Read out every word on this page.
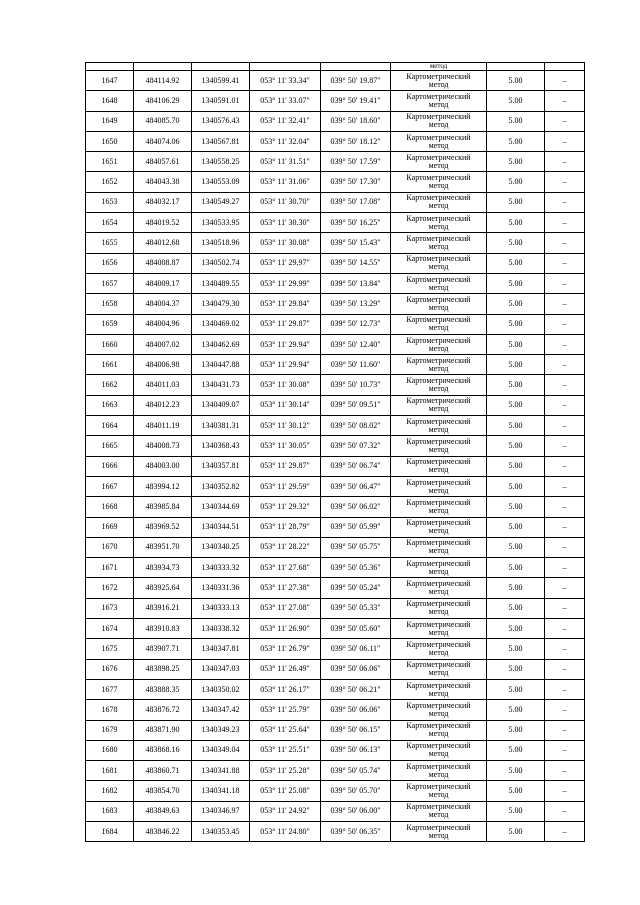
					метод		
1647	484114.92	1340599.41	053° 11' 33.34"	039° 50' 19.87"	Картометрический
метод	5.00	–
1648	484106.29	1340591.01	053° 11' 33.07"	039° 50' 19.41"	Картометрический
метод	5.00	–
1649	484085.70	1340576.43	053° 11' 32.41"	039° 50' 18.60"	Картометрический
метод	5.00	–
1650	484074.06	1340567.81	053° 11' 32.04"	039° 50' 18.12"	Картометрический
метод	5.00	–
1651	484057.61	1340558.25	053° 11' 31.51"	039° 50' 17.59"	Картометрический
метод	5.00	–
1652	484043.38	1340553.09	053° 11' 31.06"	039° 50' 17.30"	Картометрический
метод	5.00	–
1653	484032.17	1340549.27	053° 11' 30.70"	039° 50' 17.08"	Картометрический
метод	5.00	–
1654	484019.52	1340533.95	053° 11' 30.30"	039° 50' 16.25"	Картометрический
метод	5.00	–
1655	484012.68	1340518.96	053° 11' 30.08"	039° 50' 15.43"	Картометрический
метод	5.00	–
1656	484008.87	1340502.74	053° 11' 29.97"	039° 50' 14.55"	Картометрический
метод	5.00	–
1657	484009.17	1340489.55	053° 11' 29.99"	039° 50' 13.84"	Картометрический
метод	5.00	–
1658	484004.37	1340479.30	053° 11' 29.84"	039° 50' 13.29"	Картометрический
метод	5.00	–
1659	484004.96	1340469.02	053° 11' 29.87"	039° 50' 12.73"	Картометрический
метод	5.00	–
1660	484007.02	1340462.69	053° 11' 29.94"	039° 50' 12.40"	Картометрический
метод	5.00	–
1661	484006.98	1340447.88	053° 11' 29.94"	039° 50' 11.60"	Картометрический
метод	5.00	–
1662	484011.03	1340431.73	053° 11' 30.08"	039° 50' 10.73"	Картометрический
метод	5.00	–
1663	484012.23	1340409.07	053° 11' 30.14"	039° 50' 09.51"	Картометрический
метод	5.00	–
1664	484011.19	1340381.31	053° 11' 30.12"	039° 50' 08.02"	Картометрический
метод	5.00	–
1665	484008.73	1340368.43	053° 11' 30.05"	039° 50' 07.32"	Картометрический
метод	5.00	–
1666	484003.00	1340357.81	053° 11' 29.87"	039° 50' 06.74"	Картометрический
метод	5.00	–
1667	483994.12	1340352.82	053° 11' 29.59"	039° 50' 06.47"	Картометрический
метод	5.00	–
1668	483985.84	1340344.69	053° 11' 29.32"	039° 50' 06.02"	Картометрический
метод	5.00	–
1669	483969.52	1340344.51	053° 11' 28.79"	039° 50' 05.99"	Картометрический
метод	5.00	–
1670	483951.70	1340340.25	053° 11' 28.22"	039° 50' 05.75"	Картометрический
метод	5.00	–
1671	483934.73	1340333.32	053° 11' 27.68"	039° 50' 05.36"	Картометрический
метод	5.00	–
1672	483925.64	1340331.36	053° 11' 27.38"	039° 50' 05.24"	Картометрический
метод	5.00	–
1673	483916.21	1340333.13	053° 11' 27.08"	039° 50' 05.33"	Картометрический
метод	5.00	–
1674	483910.83	1340338.32	053° 11' 26.90"	039° 50' 05.60"	Картометрический
метод	5.00	–
1675	483907.71	1340347.81	053° 11' 26.79"	039° 50' 06.11"	Картометрический
метод	5.00	–
1676	483898.25	1340347.03	053° 11' 26.49"	039° 50' 06.06"	Картометрический
метод	5.00	–
1677	483888.35	1340350.02	053° 11' 26.17"	039° 50' 06.21"	Картометрический
метод	5.00	–
1678	483876.72	1340347.42	053° 11' 25.79"	039° 50' 06.06"	Картометрический
метод	5.00	–
1679	483871.90	1340349.23	053° 11' 25.64"	039° 50' 06.15"	Картометрический
метод	5.00	–
1680	483868.16	1340349.04	053° 11' 25.51"	039° 50' 06.13"	Картометрический
метод	5.00	–
1681	483860.71	1340341.88	053° 11' 25.28"	039° 50' 05.74"	Картометрический
метод	5.00	–
1682	483854.70	1340341.18	053° 11' 25.08"	039° 50' 05.70"	Картометрический
метод	5.00	–
1683	483849.63	1340346.97	053° 11' 24.92"	039° 50' 06.00"	Картометрический
метод	5.00	–
1684	483846.22	1340353.45	053° 11' 24.80"	039° 50' 06.35"	Картометрический
метод	5.00	–
